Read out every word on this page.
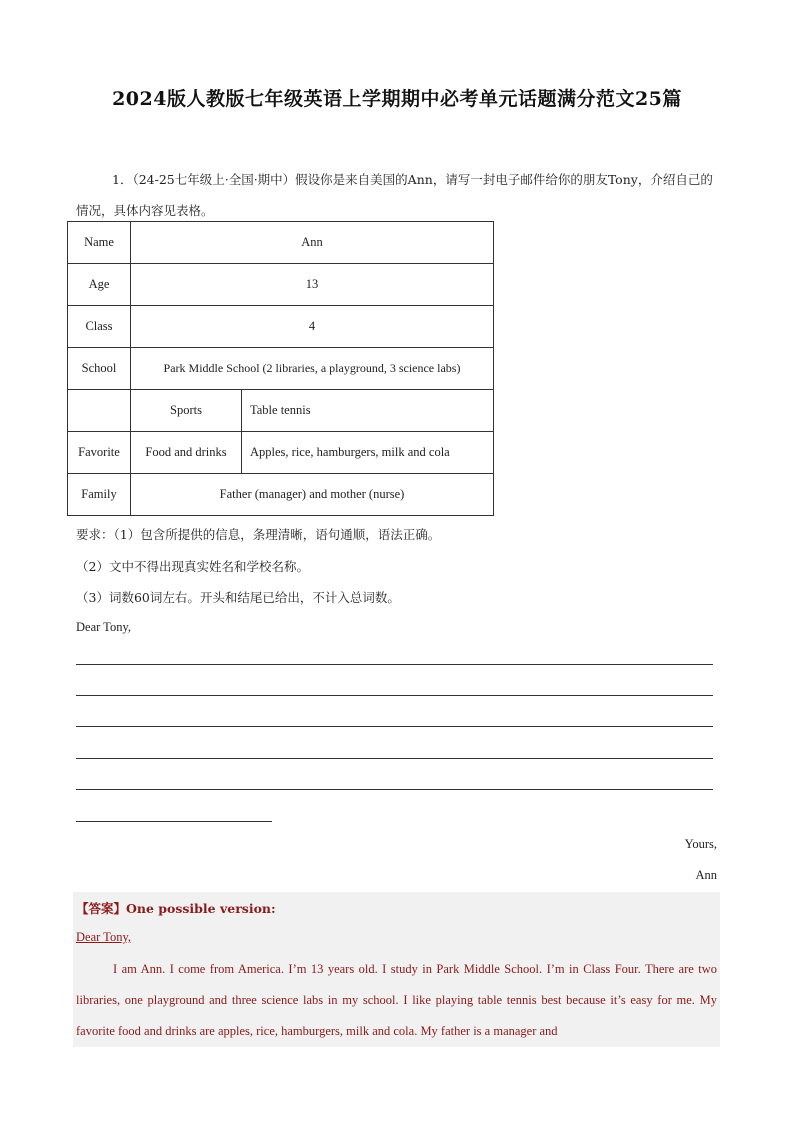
2024版人教版七年级英语上学期期中必考单元话题满分范文25篇
1．（24-25七年级上·全国·期中）假设你是来自美国的Ann，请写一封电子邮件给你的朋友Tony，介绍自己的情况，具体内容见表格。
Name	Ann	
Age	13	
Class	4	
School	Park Middle School (2 libraries, a playground, 3 science labs)	
	Sports	Table tennis
Favorite	Food and drinks	Apples, rice, hamburgers, milk and cola
Family	Father (manager) and mother (nurse)	
要求：（1）包含所提供的信息，条理清晰，语句通顺，语法正确。
（2）文中不得出现真实姓名和学校名称。
（3）词数60词左右。开头和结尾已给出，不计入总词数。
Dear Tony,
Yours,
Ann
【答案】One possible version:
Dear Tony,
I am Ann. I come from America. I’m 13 years old. I study in Park Middle School. I’m in Class Four. There are two libraries, one playground and three science labs in my school. I like playing table tennis best because it’s easy for me. My favorite food and drinks are apples, rice, hamburgers, milk and cola. My father is a manager and
